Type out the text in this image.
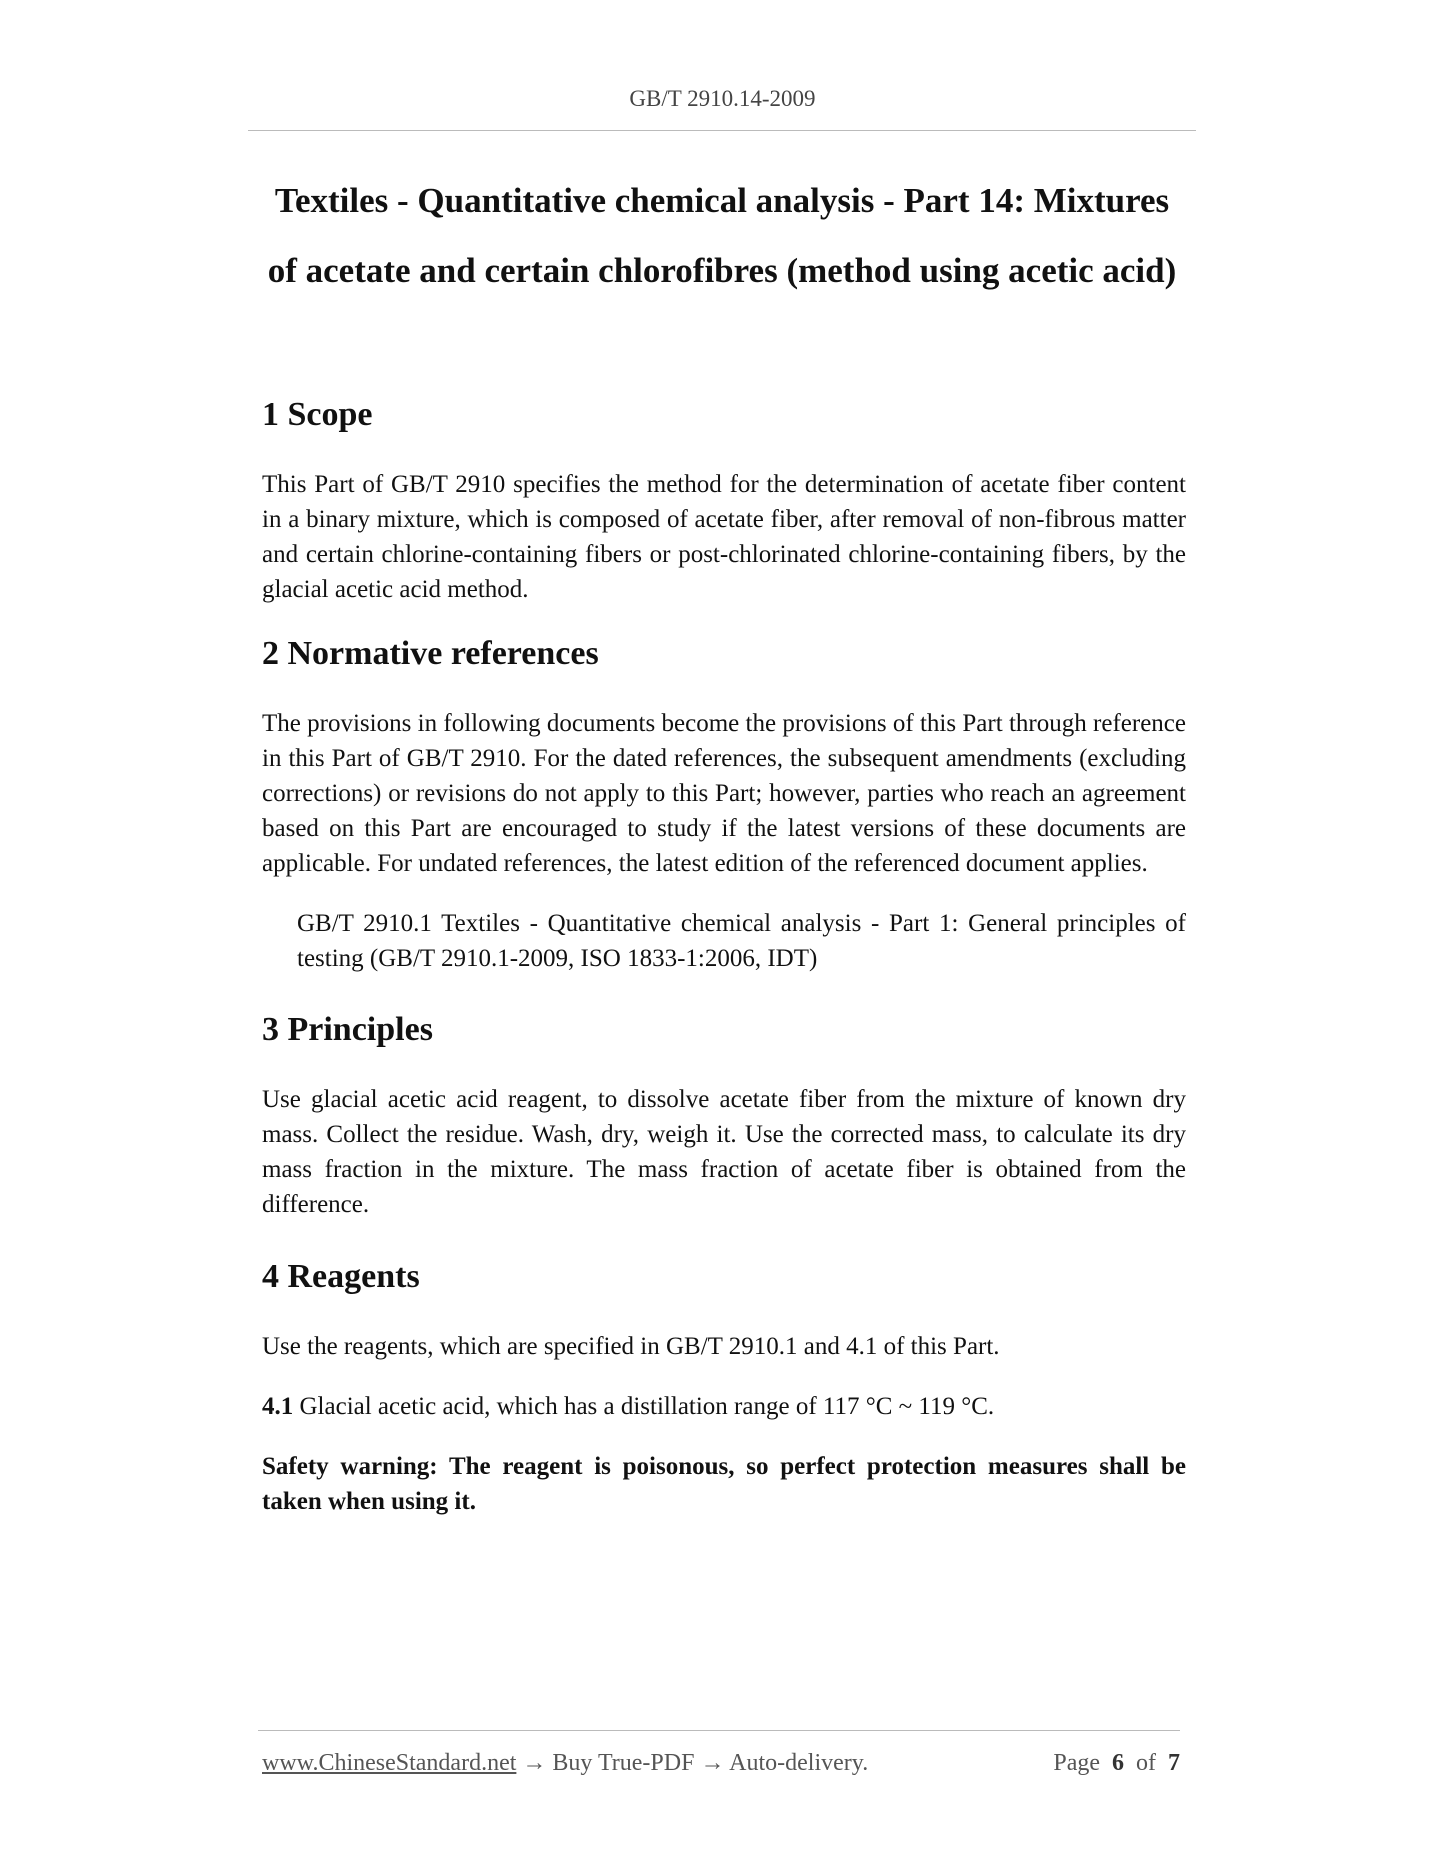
GB/T 2910.14-2009
Textiles - Quantitative chemical analysis - Part 14: Mixtures
of acetate and certain chlorofibres (method using acetic acid)
1 Scope

This Part of GB/T 2910 specifies the method for the determination of acetate fiber content in a binary mixture, which is composed of acetate fiber, after removal of non-fibrous matter and certain chlorine-containing fibers or post-chlorinated chlorine-containing fibers, by the glacial acetic acid method.

2 Normative references

The provisions in following documents become the provisions of this Part through reference in this Part of GB/T 2910. For the dated references, the subsequent amendments (excluding corrections) or revisions do not apply to this Part; however, parties who reach an agreement based on this Part are encouraged to study if the latest versions of these documents are applicable. For undated references, the latest edition of the referenced document applies.

GB/T 2910.1 Textiles - Quantitative chemical analysis - Part 1: General principles of testing (GB/T 2910.1-2009, ISO 1833-1:2006, IDT)

3 Principles

Use glacial acetic acid reagent, to dissolve acetate fiber from the mixture of known dry mass. Collect the residue. Wash, dry, weigh it. Use the corrected mass, to calculate its dry mass fraction in the mixture. The mass fraction of acetate fiber is obtained from the difference.

4 Reagents

Use the reagents, which are specified in GB/T 2910.1 and 4.1 of this Part.

4.1 Glacial acetic acid, which has a distillation range of 117 °C ~ 119 °C.

Safety warning: The reagent is poisonous, so perfect protection measures shall be taken when using it.

www.ChineseStandard.net → Buy True-PDF → Auto-delivery.	Page 6 of 7
